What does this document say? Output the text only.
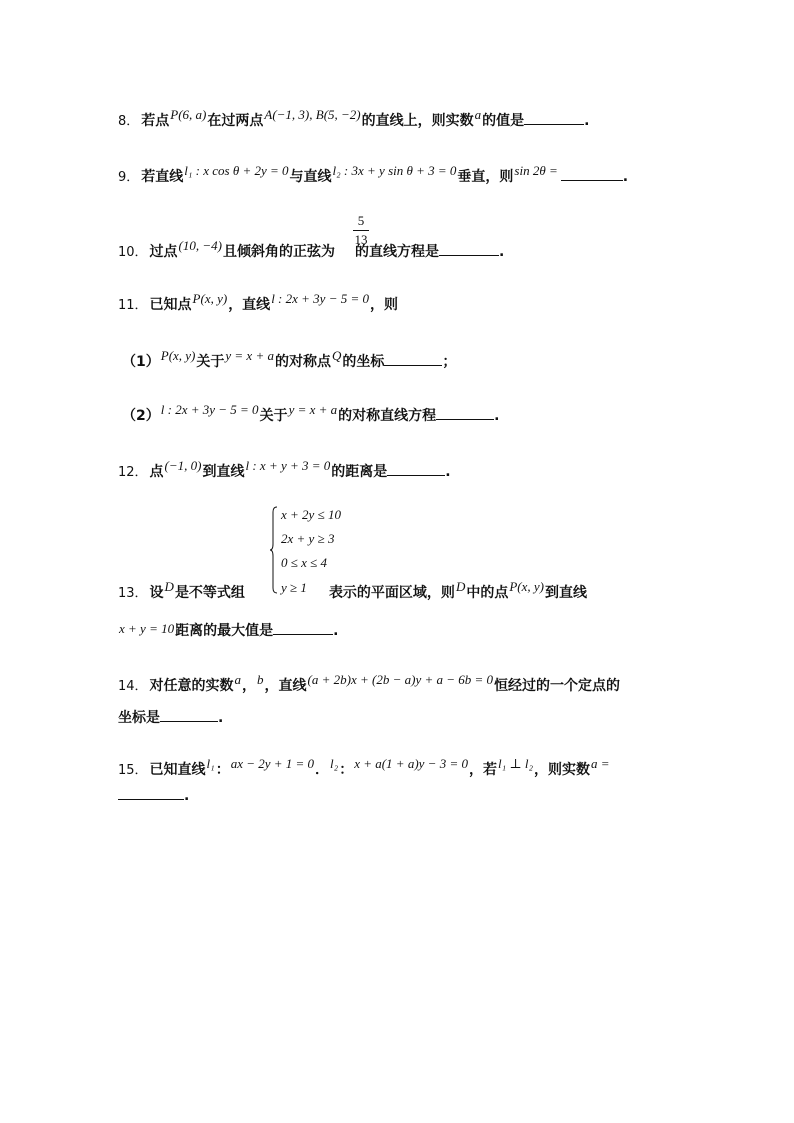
8． 若点P(6, a)在过两点A(−1, 3), B(5, −2)的直线上，则实数a的值是	.
9． 若直线l₁ : x cos θ + 2y = 0与直线l₂ : 3x + y sin θ + 3 = 0垂直，则sin 2θ =	.
5
13
10． 过点(10, −4)且倾斜角的正弦为 的直线方程是	.
11． 已知点P(x, y)，直线l : 2x + 3y − 5 = 0，则
（1）P(x, y)关于y = x + a的对称点Q的坐标	；
（2）l : 2x + 3y − 5 = 0关于y = x + a的对称直线方程	.
12． 点(−1, 0)到直线l : x + y + 3 = 0的距离是	.
x + 2y ≤ 10
2x + y ≥ 3
0 ≤ x ≤ 4
y ≥ 1
13． 设D是不等式组	表示的平面区域，则D中的点P(x, y)到直线
x + y = 10距离的最大值是	.
14． 对任意的实数a，b，直线(a + 2b)x + (2b − a)y + a − 6b = 0恒经过的一个定点的
坐标是	.
15． 已知直线l₁：ax − 2y + 1 = 0．l₂：x + a(1 + a)y − 3 = 0，若l₁ ⊥ l₂，则实数a =
.
